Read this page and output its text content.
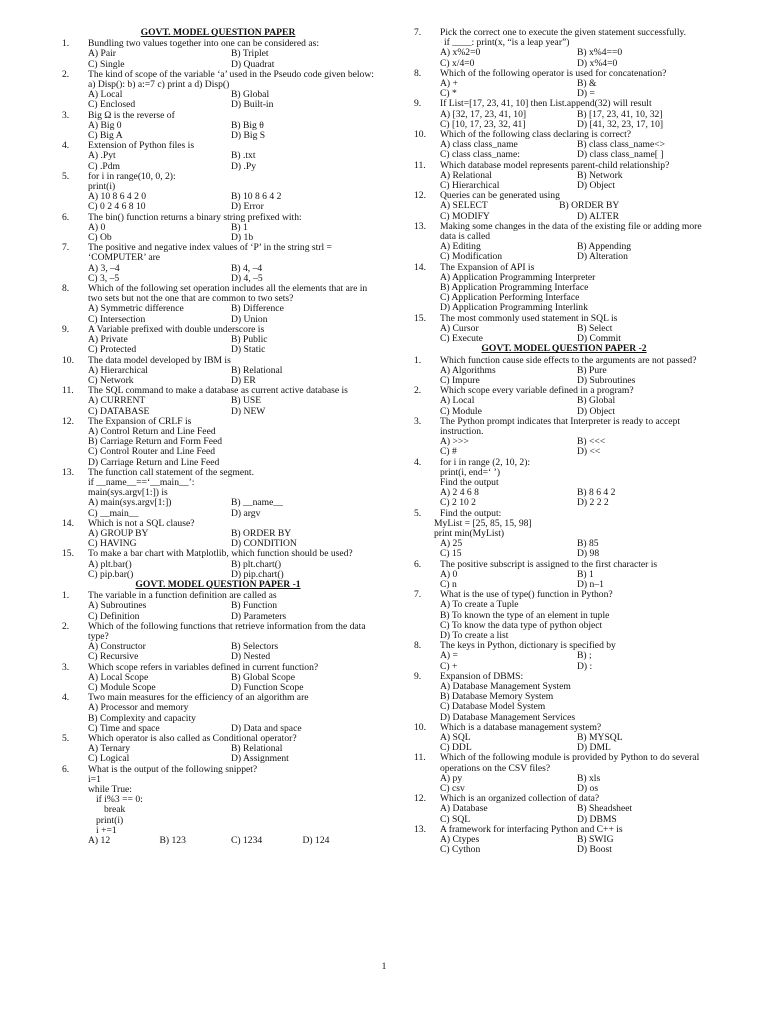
GOVT. MODEL QUESTION PAPER
1.	Bundling two values together into one can be considered as:
A) Pair	B) Triplet
C) Single	D) Quadrat
2.	The kind of scope of the variable ‘a’ used in the Pseudo code given below:
a) Disp(): b) a:=7 c) print a d) Disp()
A) Local	B) Global
C) Enclosed	D) Built-in
3.	Big Ω is the reverse of
A) Big 0	B) Big θ
C) Big A	D) Big S
4.	Extension of Python files is
A) .Pyt	B) .txt
C) .Pdm	D) .Py
5.	for i in range(10, 0, 2):
print(i)
A) 10 8 6 4 2 0	B) 10 8 6 4 2
C) 0 2 4 6 8 10	D) Error
6.	The bin() function returns a binary string prefixed with:
A) 0	B) 1
C) Ob	D) 1b
7.	The positive and negative index values of ‘P’ in the string strl = ‘COMPUTER’ are
A) 3, –4	B) 4, –4
C) 3, –5	D) 4, –5
8.	Which of the following set operation includes all the elements that are in two sets but not the one that are common to two sets?
A) Symmetric difference	B) Difference
C) Intersection	D) Union
9.	A Variable prefixed with double underscore is
A) Private	B) Public
C) Protected	D) Static
10.	The data model developed by IBM is
A) Hierarchical	B) Relational
C) Network	D) ER
11.	The SQL command to make a database as current active database is
A) CURRENT	B) USE
C) DATABASE	D) NEW
12.	The Expansion of CRLF is
A) Control Return and Line Feed
B) Carriage Return and Form Feed
C) Control Router and Line Feed
D) Carriage Return and Line Feed
13.	The function call statement of the segment.
if __name__==‘__main__’:
main(sys.argv[1:]) is
A) main(sys.argv[1:])	B) __name__
C) __main__	D) argv
14.	Which is not a SQL clause?
A) GROUP BY	B) ORDER BY
C) HAVING	D) CONDITION
15.	To make a bar chart with Matplotlib, which function should be used?
A) plt.bar()	B) plt.chart()
C) pip.bar()	D) pip.chart()
GOVT. MODEL QUESTION PAPER -1
1.	The variable in a function definition are called as
A) Subroutines	B) Function
C) Definition	D) Parameters
2.	Which of the following functions that retrieve information from the data type?
A) Constructor	B) Selectors
C) Recursive	D) Nested
3.	Which scope refers in variables defined in current function?
A) Local Scope	B) Global Scope
C) Module Scope	D) Function Scope
4.	Two main measures for the efficiency of an algorithm are
A) Processor and memory
B) Complexity and capacity
C) Time and space	D) Data and space
5.	Which operator is also called as Conditional operator?
A) Ternary	B) Relational
C) Logical	D) Assignment
6.	What is the output of the following snippet?
i=1
while True:
if i%3 == 0:
break
print(i)
i +=1
A) 12	B) 123	C) 1234	D) 124
7.	Pick the correct one to execute the given statement successfully.
if ____: print(x, “is a leap year”)
A) x%2=0	B) x%4==0
C) x/4=0	D) x%4=0
8.	Which of the following operator is used for concatenation?
A) +	B) &
C) *	D) =
9.	If List=[17, 23, 41, 10] then List.append(32) will result
A) [32, 17, 23, 41, 10]	B) [17, 23, 41, 10, 32]
C) [10, 17, 23, 32, 41]	D) [41, 32, 23, 17, 10]
10.	Which of the following class declaring is correct?
A) class class_name	B) class class_name<>
C) class class_name:	D) class class_name[ ]
11.	Which database model represents parent-child relationship?
A) Relational	B) Network
C) Hierarchical	D) Object
12.	Queries can be generated using
A) SELECT	B) ORDER BY
C) MODIFY	D) ALTER
13.	Making some changes in the data of the existing file or adding more data is called
A) Editing	B) Appending
C) Modification	D) Alteration
14.	The Expansion of API is
A) Application Programming Interpreter
B) Application Programming Interface
C) Application Performing Interface
D) Application Programming Interlink
15.	The most commonly used statement in SQL is
A) Cursor	B) Select
C) Execute	D) Commit
GOVT. MODEL QUESTION PAPER -2
1.	Which function cause side effects to the arguments are not passed?
A) Algorithms	B) Pure
C) Impure	D) Subroutines
2.	Which scope every variable defined in a program?
A) Local	B) Global
C) Module	D) Object
3.	The Python prompt indicates that Interpreter is ready to accept instruction.
A) >>>	B) <<<
C) #	D) <<
4.	for i in range (2, 10, 2):
print(i, end=‘ ’)
Find the output
A) 2 4 6 8	B) 8 6 4 2
C) 2 10 2	D) 2 2 2
5.	Find the output:
MyList = [25, 85, 15, 98]
print min(MyList)
A) 25	B) 85
C) 15	D) 98
6.	The positive subscript is assigned to the first character is
A) 0	B) 1
C) n	D) n–1
7.	What is the use of type() function in Python?
A) To create a Tuple
B) To known the type of an element in tuple
C) To know the data type of python object
D) To create a list
8.	The keys in Python, dictionary is specified by
A) =	B) ;
C) +	D) :
9.	Expansion of DBMS:
A) Database Management System
B) Database Memory System
C) Database Model System
D) Database Management Services
10.	Which is a database management system?
A) SQL	B) MYSQL
C) DDL	D) DML
11.	Which of the following module is provided by Python to do several operations on the CSV files?
A) py	B) xls
C) csv	D) os
12.	Which is an organized collection of data?
A) Database	B) Sheadsheet
C) SQL	D) DBMS
13.	A framework for interfacing Python and C++ is
A) Ctypes	B) SWIG
C) Cython	D) Boost
1
